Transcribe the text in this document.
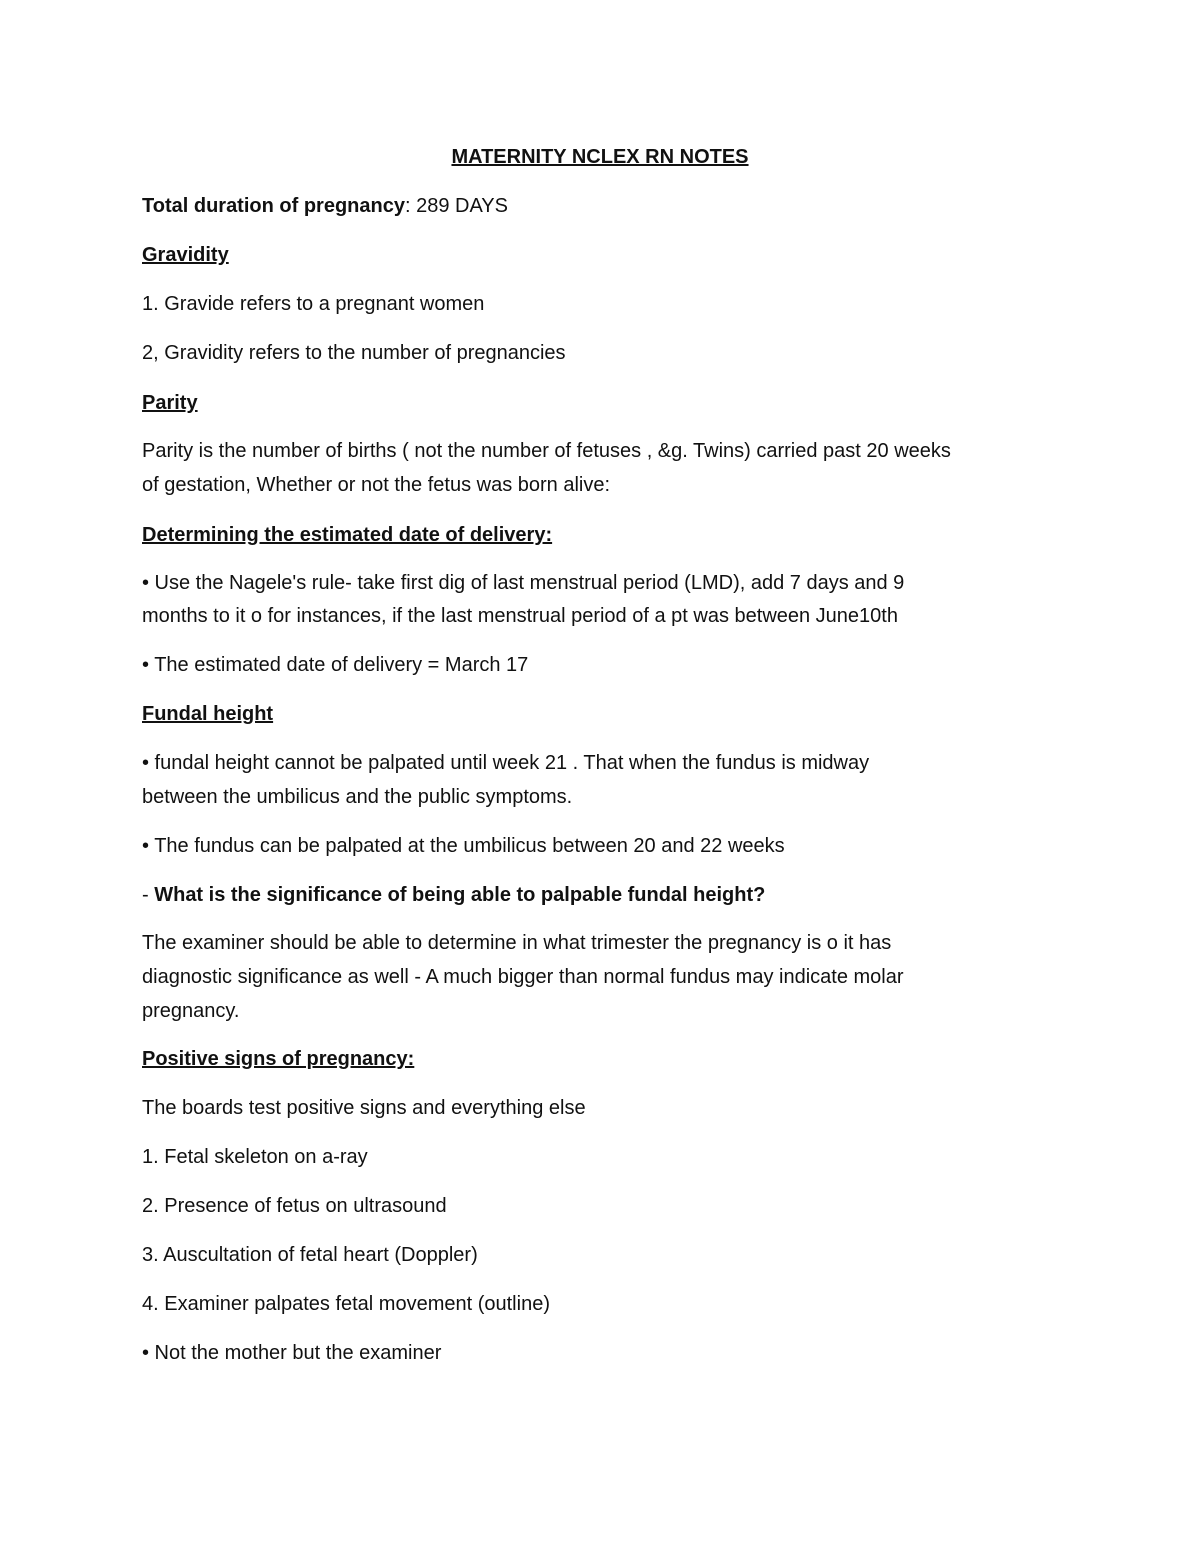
MATERNITY NCLEX RN NOTES

Total duration of pregnancy: 289 DAYS

Gravidity

1. Gravide refers to a pregnant women

2, Gravidity refers to the number of pregnancies

Parity

Parity is the number of births ( not the number of fetuses , &g. Twins) carried past 20 weeks

of gestation, Whether or not the fetus was born alive:

Determining the estimated date of delivery:

• Use the Nagele's rule- take first dig of last menstrual period (LMD), add 7 days and 9

months to it o for instances, if the last menstrual period of a pt was between June10th

• The estimated date of delivery = March 17

Fundal height

• fundal height cannot be palpated until week 21 . That when the fundus is midway

between the umbilicus and the public symptoms.

• The fundus can be palpated at the umbilicus between 20 and 22 weeks

- What is the significance of being able to palpable fundal height?

The examiner should be able to determine in what trimester the pregnancy is o it has

diagnostic significance as well - A much bigger than normal fundus may indicate molar

pregnancy.

Positive signs of pregnancy:

The boards test positive signs and everything else

1. Fetal skeleton on a-ray

2. Presence of fetus on ultrasound

3. Auscultation of fetal heart (Doppler)

4. Examiner palpates fetal movement (outline)

• Not the mother but the examiner
